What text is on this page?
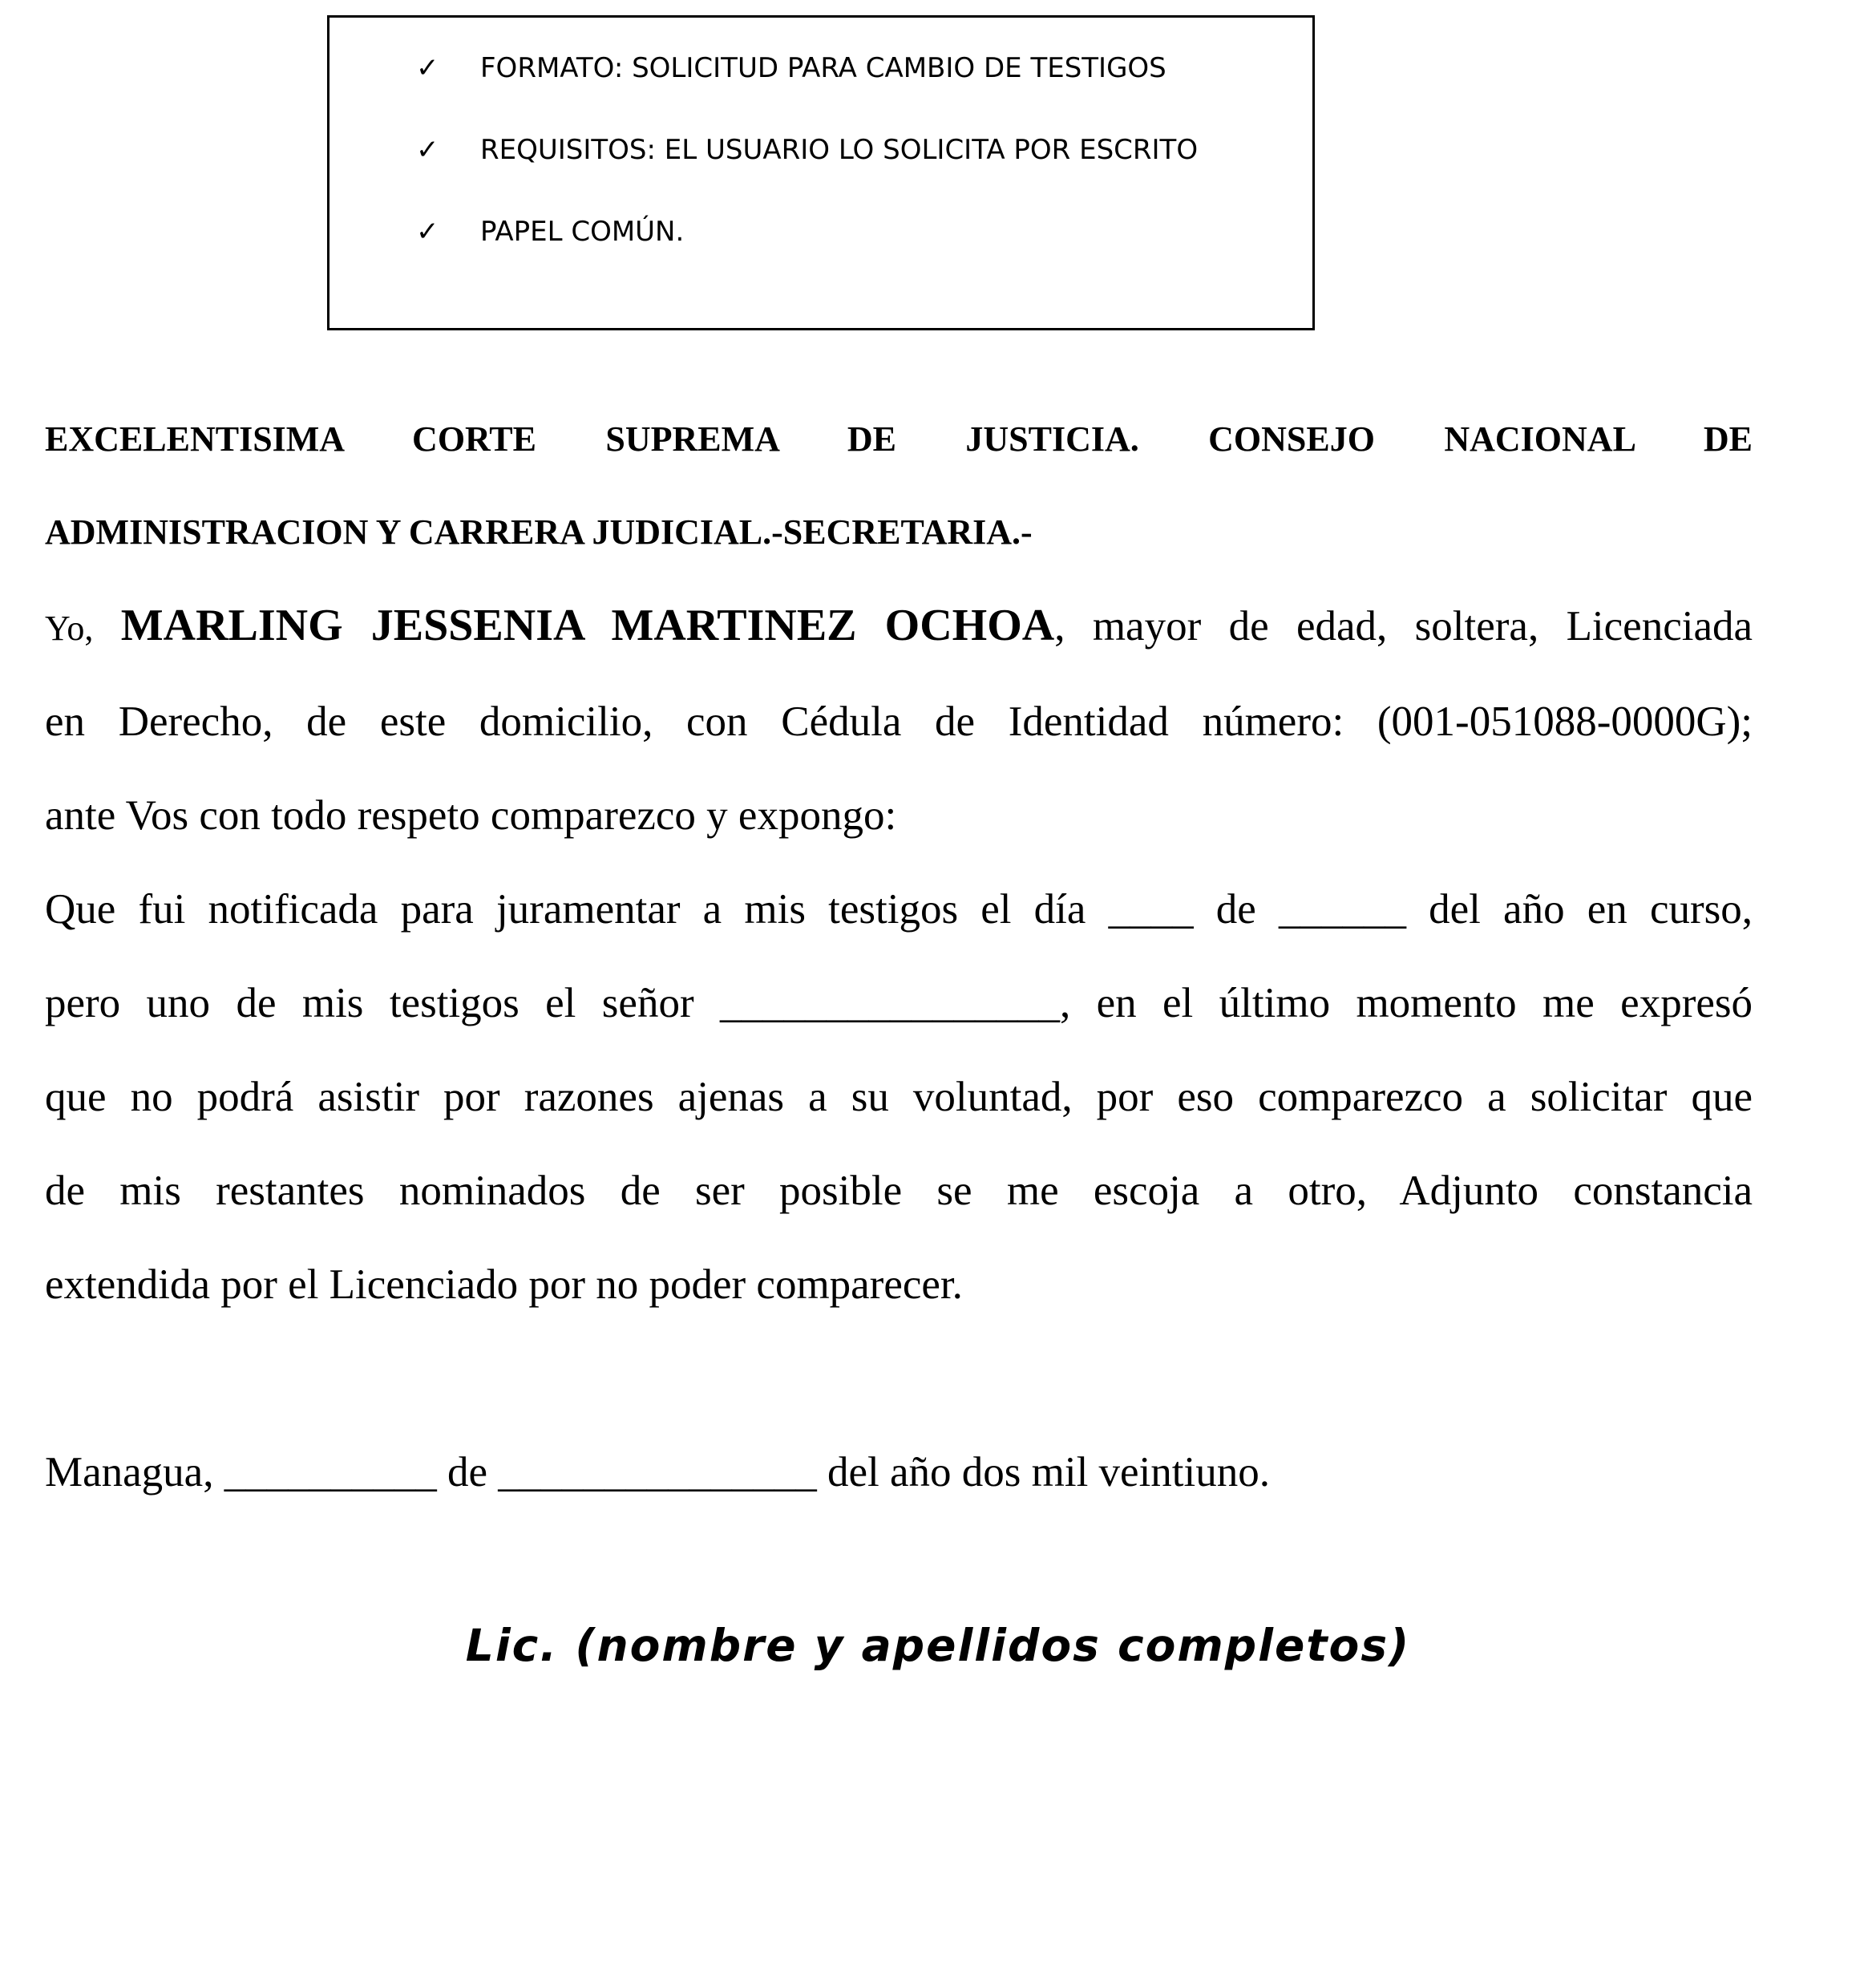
✓	FORMATO: SOLICITUD PARA CAMBIO DE TESTIGOS
✓	REQUISITOS: EL USUARIO LO SOLICITA POR ESCRITO
✓	PAPEL COMÚN.
EXCELENTISIMA CORTE SUPREMA DE JUSTICIA. CONSEJO NACIONAL DE
ADMINISTRACION Y CARRERA JUDICIAL.-SECRETARIA.-

Yo, MARLING JESSENIA MARTINEZ OCHOA, mayor de edad, soltera, Licenciada
en Derecho, de este domicilio, con Cédula de Identidad número: (001-051088-0000G);
ante Vos con todo respeto comparezco y expongo:

Que fui notificada para juramentar a mis testigos el día ____ de ______ del año en curso,
pero uno de mis testigos el señor ________________, en el último momento me expresó
que no podrá asistir por razones ajenas a su voluntad, por eso comparezco a solicitar que
de mis restantes nominados de ser posible se me escoja a otro, Adjunto constancia
extendida por el Licenciado por no poder comparecer.

Managua, __________ de _______________ del año dos mil veintiuno.

Lic. (nombre y apellidos completos)
